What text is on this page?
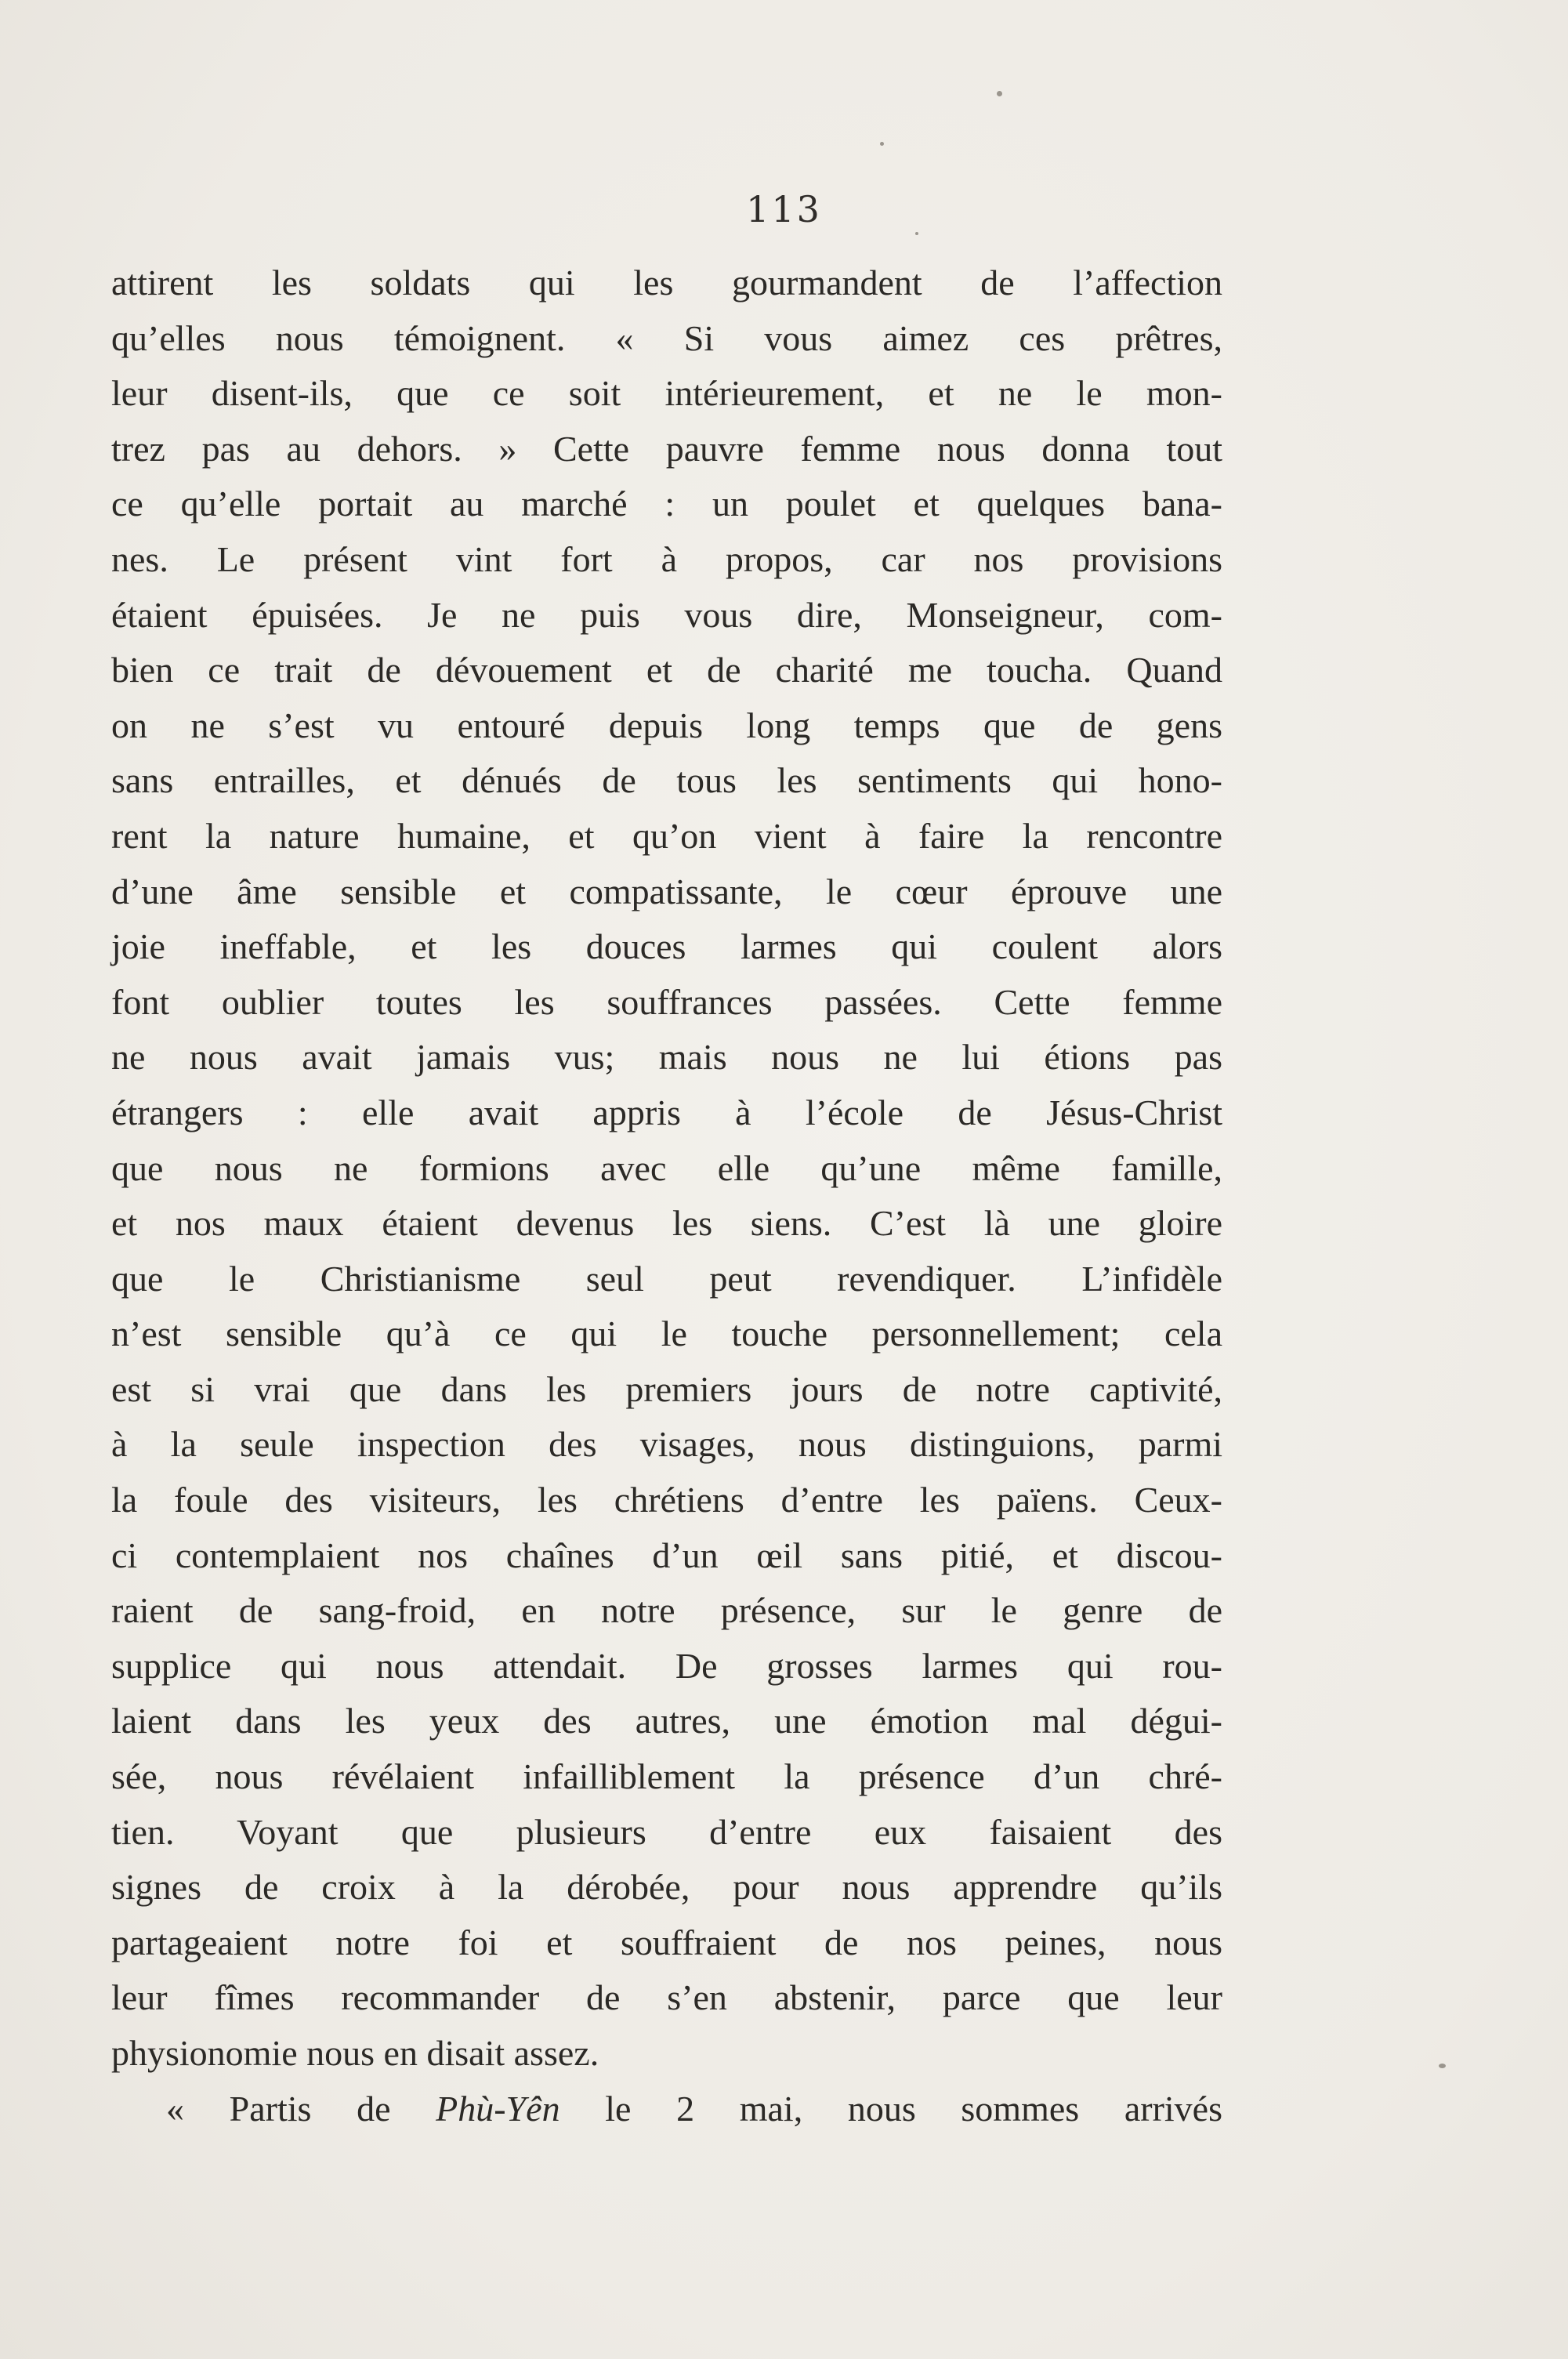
113
attirent les soldats qui les gourmandent de l’affection
qu’elles nous témoignent. « Si vous aimez ces prêtres,
leur disent-ils, que ce soit intérieurement, et ne le mon-
trez pas au dehors. » Cette pauvre femme nous donna tout
ce qu’elle portait au marché : un poulet et quelques bana-
nes. Le présent vint fort à propos, car nos provisions
étaient épuisées. Je ne puis vous dire, Monseigneur, com-
bien ce trait de dévouement et de charité me toucha. Quand
on ne s’est vu entouré depuis long temps que de gens
sans entrailles, et dénués de tous les sentiments qui hono-
rent la nature humaine, et qu’on vient à faire la rencontre
d’une âme sensible et compatissante, le cœur éprouve une
joie ineffable, et les douces larmes qui coulent alors
font oublier toutes les souffrances passées. Cette femme
ne nous avait jamais vus; mais nous ne lui étions pas
étrangers : elle avait appris à l’école de Jésus-Christ
que nous ne formions avec elle qu’une même famille,
et nos maux étaient devenus les siens. C’est là une gloire
que le Christianisme seul peut revendiquer. L’infidèle
n’est sensible qu’à ce qui le touche personnellement; cela
est si vrai que dans les premiers jours de notre captivité,
à la seule inspection des visages, nous distinguions, parmi
la foule des visiteurs, les chrétiens d’entre les païens. Ceux-
ci contemplaient nos chaînes d’un œil sans pitié, et discou-
raient de sang-froid, en notre présence, sur le genre de
supplice qui nous attendait. De grosses larmes qui rou-
laient dans les yeux des autres, une émotion mal dégui-
sée, nous révélaient infailliblement la présence d’un chré-
tien. Voyant que plusieurs d’entre eux faisaient des
signes de croix à la dérobée, pour nous apprendre qu’ils
partageaient notre foi et souffraient de nos peines, nous
leur fîmes recommander de s’en abstenir, parce que leur
physionomie nous en disait assez.
« Partis de Phù-Yên le 2 mai, nous sommes arrivés
